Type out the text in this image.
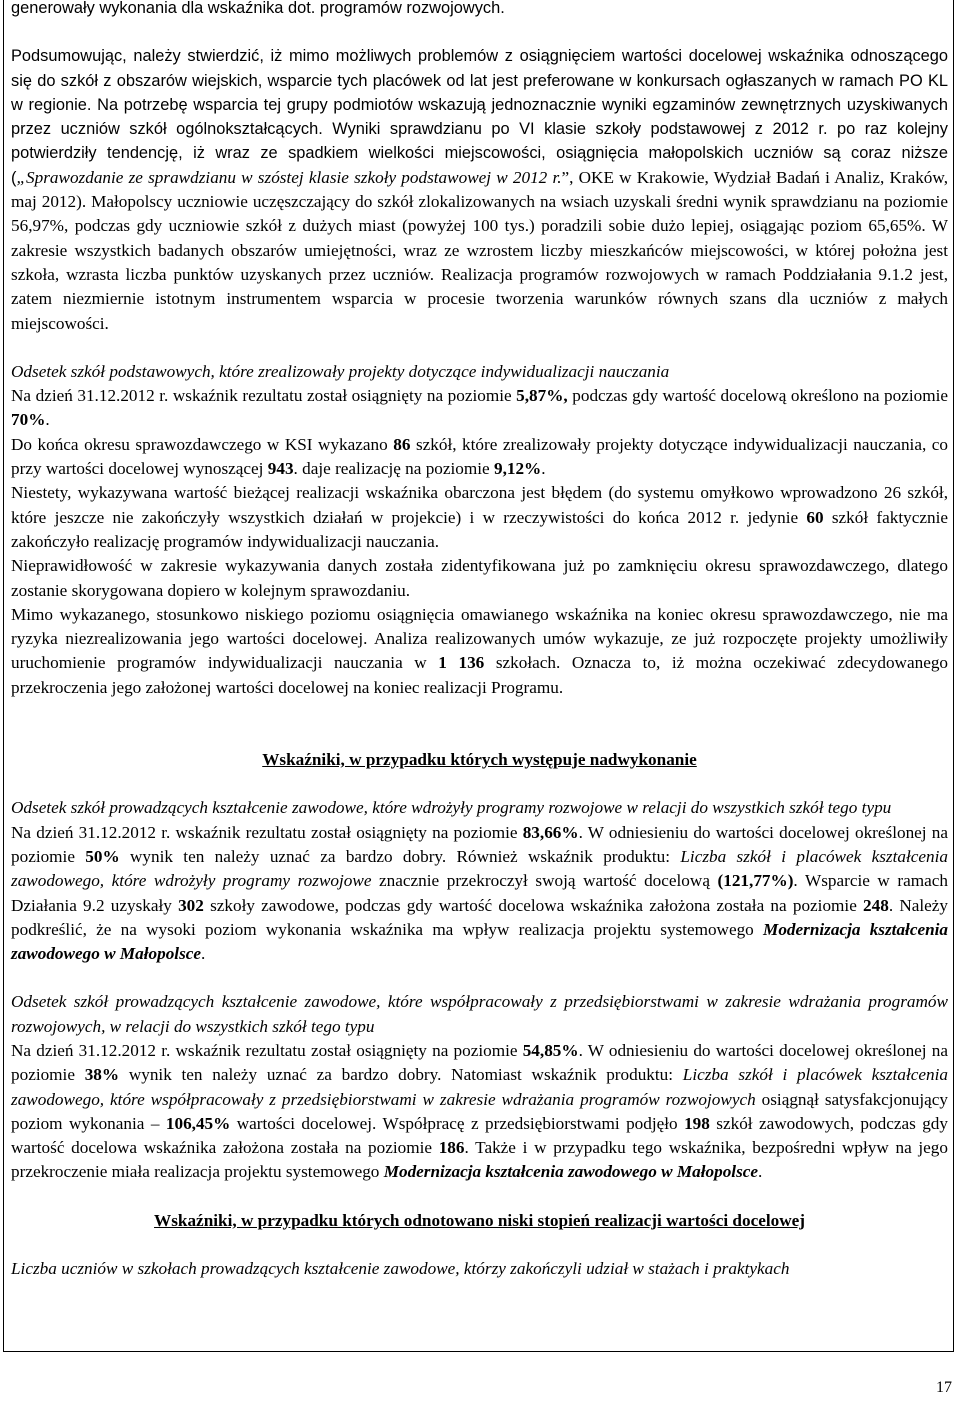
generowały wykonania dla wskaźnika dot. programów rozwojowych.

Podsumowując, należy stwierdzić, iż mimo możliwych problemów z osiągnięciem wartości docelowej wskaźnika odnoszącego się do szkół z obszarów wiejskich, wsparcie tych placówek od lat jest preferowane w konkursach ogłaszanych w ramach PO KL w regionie. Na potrzebę wsparcia tej grupy podmiotów wskazują jednoznacznie wyniki egzaminów zewnętrznych uzyskiwanych przez uczniów szkół ogólnokształcących. Wyniki sprawdzianu po VI klasie szkoły podstawowej z 2012 r. po raz kolejny potwierdziły tendencję, iż wraz ze spadkiem wielkości miejscowości, osiągnięcia małopolskich uczniów są coraz niższe („Sprawozdanie ze sprawdzianu w szóstej klasie szkoły podstawowej w 2012 r.”, OKE w Krakowie, Wydział Badań i Analiz, Kraków, maj 2012). Małopolscy uczniowie uczęszczający do szkół zlokalizowanych na wsiach uzyskali średni wynik sprawdzianu na poziomie 56,97%, podczas gdy uczniowie szkół z dużych miast (powyżej 100 tys.) poradzili sobie dużo lepiej, osiągając poziom 65,65%. W zakresie wszystkich badanych obszarów umiejętności, wraz ze wzrostem liczby mieszkańców miejscowości, w której położna jest szkoła, wzrasta liczba punktów uzyskanych przez uczniów. Realizacja programów rozwojowych w ramach Poddziałania 9.1.2 jest, zatem niezmiernie istotnym instrumentem wsparcia w procesie tworzenia warunków równych szans dla uczniów z małych miejscowości.

Odsetek szkół podstawowych, które zrealizowały projekty dotyczące indywidualizacji nauczania

Na dzień 31.12.2012 r. wskaźnik rezultatu został osiągnięty na poziomie 5,87%, podczas gdy wartość docelową określono na poziomie 70%.

Do końca okresu sprawozdawczego w KSI wykazano 86 szkół, które zrealizowały projekty dotyczące indywidualizacji nauczania, co przy wartości docelowej wynoszącej 943. daje realizację na poziomie 9,12%.

Niestety, wykazywana wartość bieżącej realizacji wskaźnika obarczona jest błędem (do systemu omyłkowo wprowadzono 26 szkół, które jeszcze nie zakończyły wszystkich działań w projekcie) i w rzeczywistości do końca 2012 r. jedynie 60 szkół faktycznie zakończyło realizację programów indywidualizacji nauczania.

Nieprawidłowość w zakresie wykazywania danych została zidentyfikowana już po zamknięciu okresu sprawozdawczego, dlatego zostanie skorygowana dopiero w kolejnym sprawozdaniu.

Mimo wykazanego, stosunkowo niskiego poziomu osiągnięcia omawianego wskaźnika na koniec okresu sprawozdawczego, nie ma ryzyka niezrealizowania jego wartości docelowej. Analiza realizowanych umów wykazuje, ze już rozpoczęte projekty umożliwiły uruchomienie programów indywidualizacji nauczania w 1 136 szkołach. Oznacza to, iż można oczekiwać zdecydowanego przekroczenia jego założonej wartości docelowej na koniec realizacji Programu.

Wskaźniki, w przypadku których występuje nadwykonanie

Odsetek szkół prowadzących kształcenie zawodowe, które wdrożyły programy rozwojowe w relacji do wszystkich szkół tego typu

Na dzień 31.12.2012 r. wskaźnik rezultatu został osiągnięty na poziomie 83,66%. W odniesieniu do wartości docelowej określonej na poziomie 50% wynik ten należy uznać za bardzo dobry. Również wskaźnik produktu: Liczba szkół i placówek kształcenia zawodowego, które wdrożyły programy rozwojowe znacznie przekroczył swoją wartość docelową (121,77%). Wsparcie w ramach Działania 9.2 uzyskały 302 szkoły zawodowe, podczas gdy wartość docelowa wskaźnika założona została na poziomie 248. Należy podkreślić, że na wysoki poziom wykonania wskaźnika ma wpływ realizacja projektu systemowego Modernizacja kształcenia zawodowego w Małopolsce.

Odsetek szkół prowadzących kształcenie zawodowe, które współpracowały z przedsiębiorstwami w zakresie wdrażania programów rozwojowych, w relacji do wszystkich szkół tego typu

Na dzień 31.12.2012 r. wskaźnik rezultatu został osiągnięty na poziomie 54,85%. W odniesieniu do wartości docelowej określonej na poziomie 38% wynik ten należy uznać za bardzo dobry. Natomiast wskaźnik produktu: Liczba szkół i placówek kształcenia zawodowego, które współpracowały z przedsiębiorstwami w zakresie wdrażania programów rozwojowych osiągnął satysfakcjonujący poziom wykonania – 106,45% wartości docelowej. Współpracę z przedsiębiorstwami podjęło 198 szkół zawodowych, podczas gdy wartość docelowa wskaźnika założona została na poziomie 186. Także i w przypadku tego wskaźnika, bezpośredni wpływ na jego przekroczenie miała realizacja projektu systemowego Modernizacja kształcenia zawodowego w Małopolsce.

Wskaźniki, w przypadku których odnotowano niski stopień realizacji wartości docelowej

Liczba uczniów w szkołach prowadzących kształcenie zawodowe, którzy zakończyli udział w stażach i praktykach

17
